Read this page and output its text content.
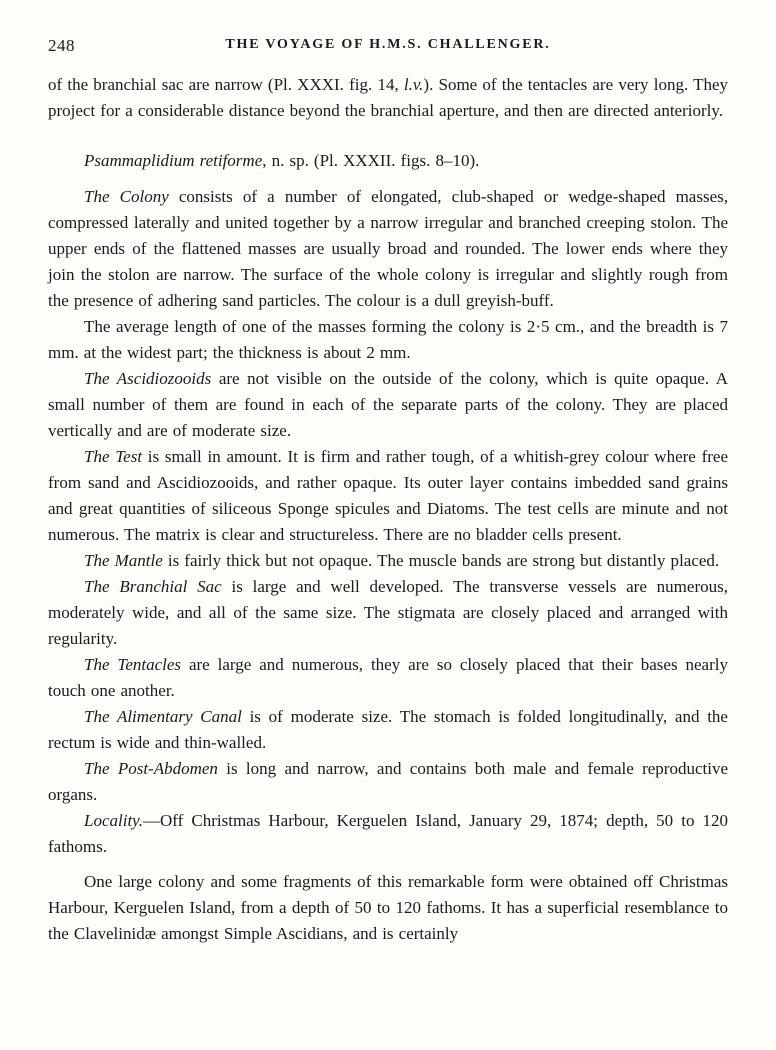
248	THE VOYAGE OF H.M.S. CHALLENGER.

of the branchial sac are narrow (Pl. XXXI. fig. 14, l.v.). Some of the tentacles are very long. They project for a considerable distance beyond the branchial aperture, and then are directed anteriorly.

Psammaplidium retiforme, n. sp. (Pl. XXXII. figs. 8–10).

The Colony consists of a number of elongated, club-shaped or wedge-shaped masses, compressed laterally and united together by a narrow irregular and branched creeping stolon. The upper ends of the flattened masses are usually broad and rounded. The lower ends where they join the stolon are narrow. The surface of the whole colony is irregular and slightly rough from the presence of adhering sand particles. The colour is a dull greyish-buff.

The average length of one of the masses forming the colony is 2·5 cm., and the breadth is 7 mm. at the widest part; the thickness is about 2 mm.

The Ascidiozooids are not visible on the outside of the colony, which is quite opaque. A small number of them are found in each of the separate parts of the colony. They are placed vertically and are of moderate size.

The Test is small in amount. It is firm and rather tough, of a whitish-grey colour where free from sand and Ascidiozooids, and rather opaque. Its outer layer contains imbedded sand grains and great quantities of siliceous Sponge spicules and Diatoms. The test cells are minute and not numerous. The matrix is clear and structureless. There are no bladder cells present.

The Mantle is fairly thick but not opaque. The muscle bands are strong but distantly placed.

The Branchial Sac is large and well developed. The transverse vessels are numerous, moderately wide, and all of the same size. The stigmata are closely placed and arranged with regularity.

The Tentacles are large and numerous, they are so closely placed that their bases nearly touch one another.

The Alimentary Canal is of moderate size. The stomach is folded longitudinally, and the rectum is wide and thin-walled.

The Post-Abdomen is long and narrow, and contains both male and female reproductive organs.

Locality.—Off Christmas Harbour, Kerguelen Island, January 29, 1874; depth, 50 to 120 fathoms.

One large colony and some fragments of this remarkable form were obtained off Christmas Harbour, Kerguelen Island, from a depth of 50 to 120 fathoms. It has a superficial resemblance to the Clavelinidæ amongst Simple Ascidians, and is certainly
